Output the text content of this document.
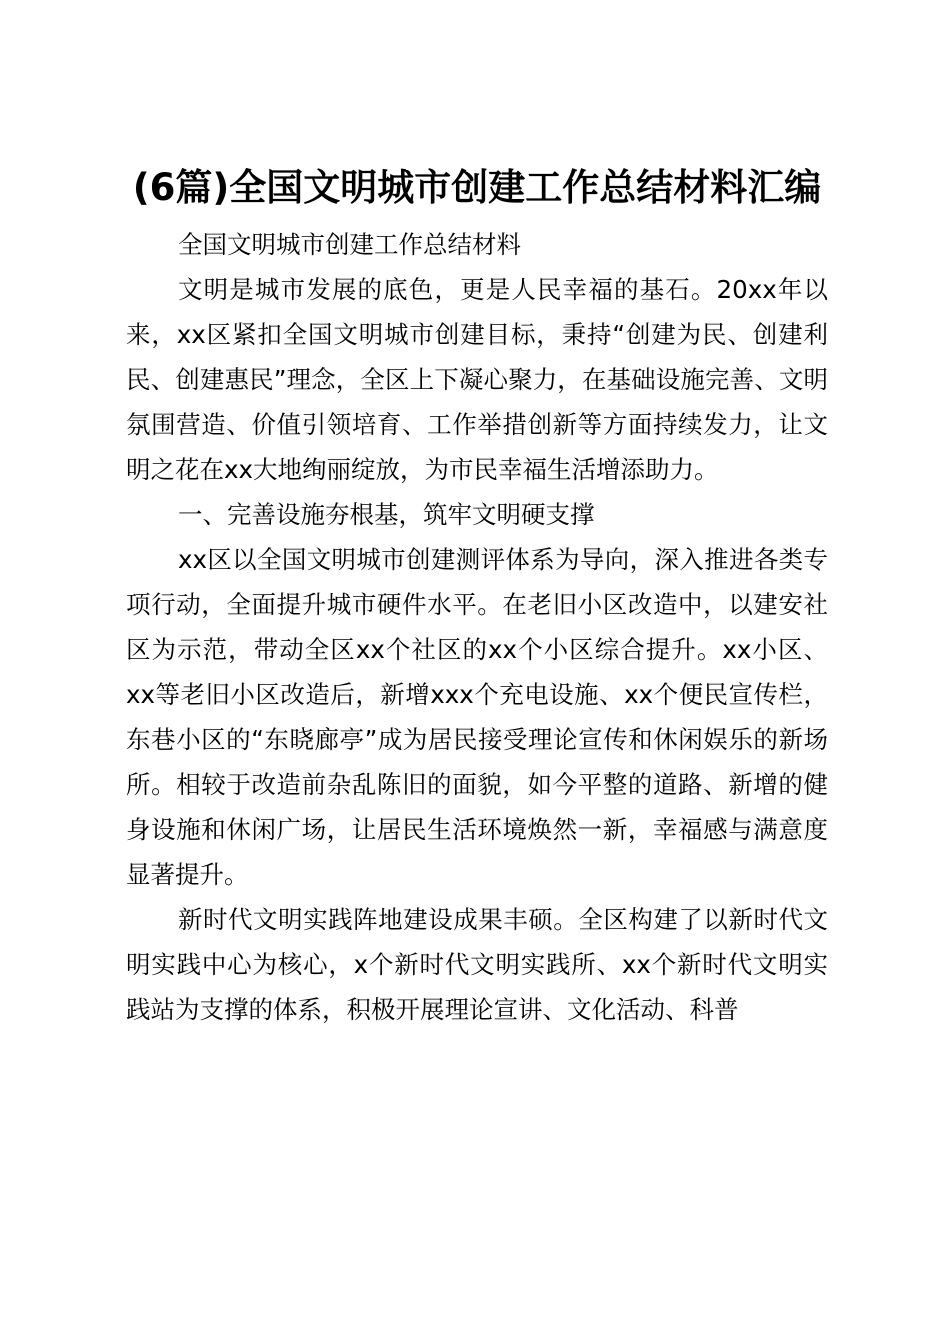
(6篇)全国文明城市创建工作总结材料汇编

全国文明城市创建工作总结材料

文明是城市发展的底色，更是人民幸福的基石。20xx年以来，xx区紧扣全国文明城市创建目标，秉持“创建为民、创建利民、创建惠民”理念，全区上下凝心聚力，在基础设施完善、文明氛围营造、价值引领培育、工作举措创新等方面持续发力，让文明之花在xx大地绚丽绽放，为市民幸福生活增添助力。

一、完善设施夯根基，筑牢文明硬支撑

xx区以全国文明城市创建测评体系为导向，深入推进各类专项行动，全面提升城市硬件水平。在老旧小区改造中，以建安社区为示范，带动全区xx个社区的xx个小区综合提升。xx小区、xx等老旧小区改造后，新增xxx个充电设施、xx个便民宣传栏，东巷小区的“东晓廊亭”成为居民接受理论宣传和休闲娱乐的新场所。相较于改造前杂乱陈旧的面貌，如今平整的道路、新增的健身设施和休闲广场，让居民生活环境焕然一新，幸福感与满意度显著提升。

新时代文明实践阵地建设成果丰硕。全区构建了以新时代文明实践中心为核心，x个新时代文明实践所、xx个新时代文明实践站为支撑的体系，积极开展理论宣讲、文化活动、科普
